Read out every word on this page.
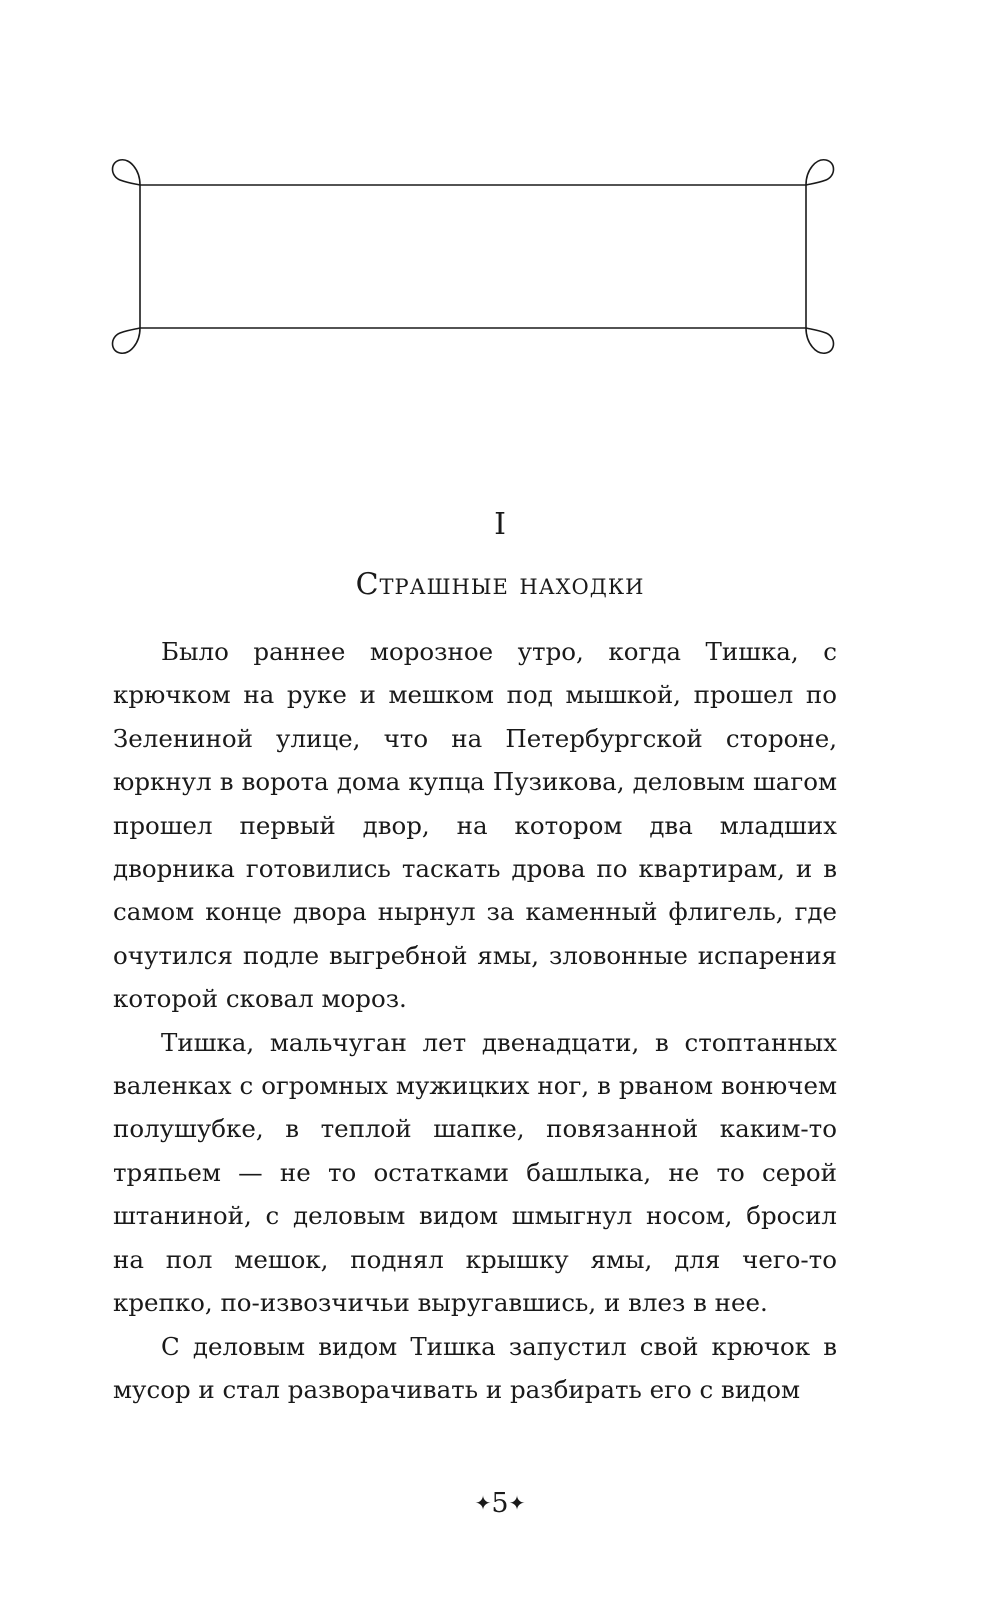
I
Страшные находки

Было раннее морозное утро, когда Тишка, с крючком на руке и мешком под мышкой, прошел по Зелениной улице, что на Петербургской стороне, юркнул в ворота дома купца Пузикова, деловым шагом прошел первый двор, на котором два младших дворника готовились таскать дрова по квартирам, и в самом конце двора нырнул за каменный флигель, где очутился подле выгребной ямы, зловонные испарения которой сковал мороз.

Тишка, мальчуган лет двенадцати, в стоптанных валенках с огромных мужицких ног, в рваном вонючем полушубке, в теплой шапке, повязанной каким-то тряпьем — не то остатками башлыка, не то серой штаниной, с деловым видом шмыгнул носом, бросил на пол мешок, поднял крышку ямы, для чего-то крепко, по-извозчичьи выругавшись, и влез в нее.

С деловым видом Тишка запустил свой крючок в мусор и стал разворачивать и разбирать его с видом

✦5✦
